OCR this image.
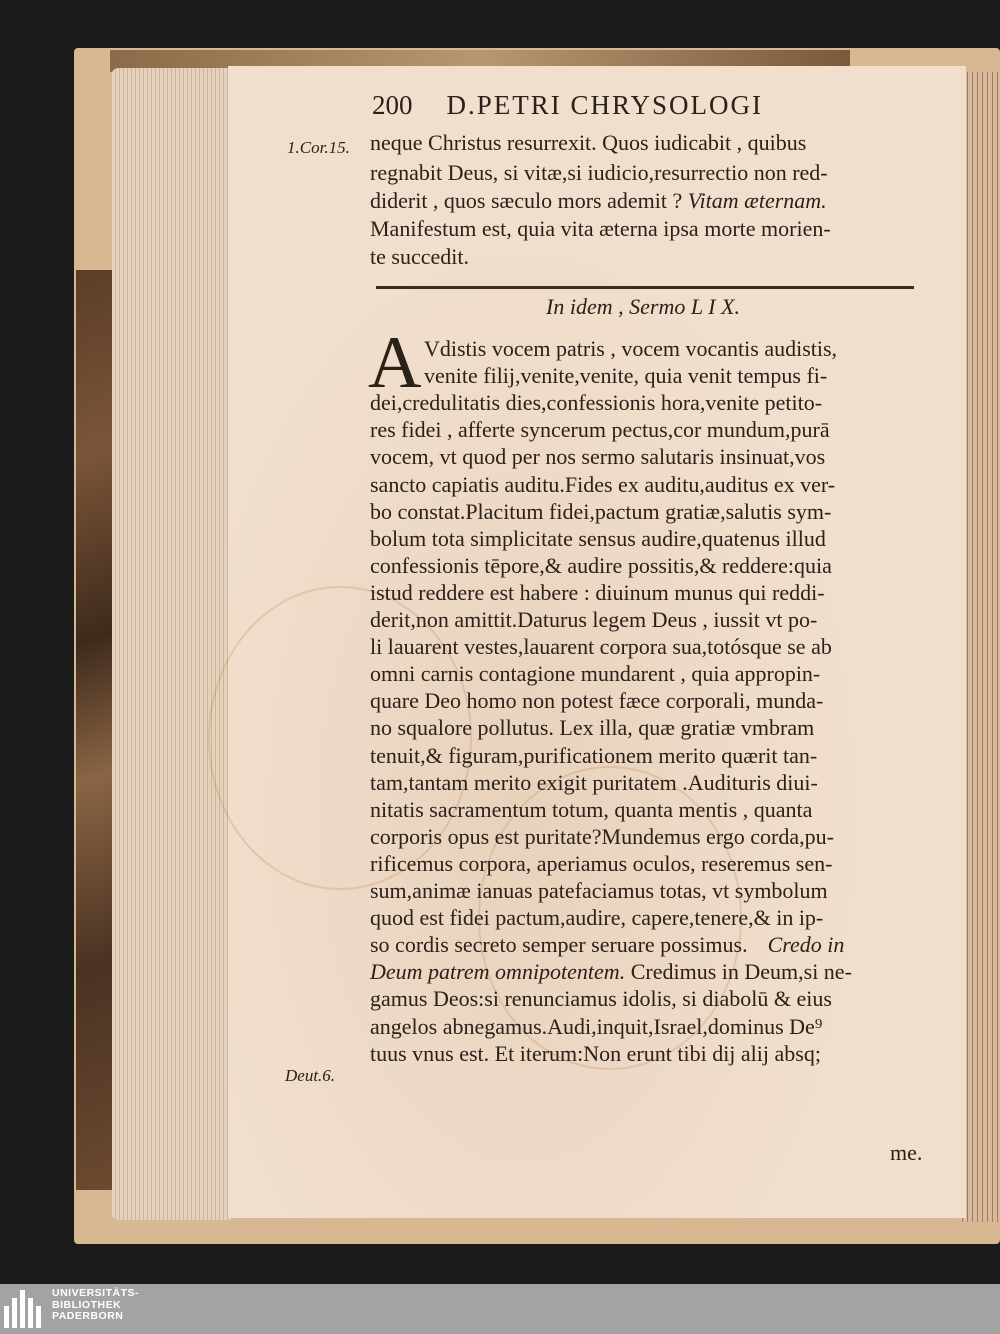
200 D.PETRI CHRYSOLOGI
1.Cor.15. neque Christus resurrexit. Quos iudicabit , quibus
regnabit Deus, si vitæ,si iudicio,resurrectio non red-
diderit , quos sæculo mors ademit ? Vitam æternam.
Manifestum est, quia vita æterna ipsa morte morien-
te succedit.
In idem , Sermo L I X.
A Vdistis vocem patris , vocem vocantis audistis,
venite filij,venite,venite, quia venit tempus fi-
dei,credulitatis dies,confessionis hora,venite petito-
res fidei , afferte syncerum pectus,cor mundum,purā
vocem, vt quod per nos sermo salutaris insinuat,vos
sancto capiatis auditu.Fides ex auditu,auditus ex ver-
bo constat.Placitum fidei,pactum gratiæ,salutis sym-
bolum tota simplicitate sensus audire,quatenus illud
confessionis tēpore,& audire possitis,& reddere:quia
istud reddere est habere : diuinum munus qui reddi-
derit,non amittit.Daturus legem Deus , iussit vt po-
li lauarent vestes,lauarent corpora sua,totósque se ab
omni carnis contagione mundarent , quia appropin-
quare Deo homo non potest fæce corporali, munda-
no squalore pollutus. Lex illa, quæ gratiæ vmbram
tenuit,& figuram,purificationem merito quærit tan-
tam,tantam merito exigit puritatem .Audituris diui-
nitatis sacramentum totum, quanta mentis , quanta
corporis opus est puritate?Mundemus ergo corda,pu-
rificemus corpora, aperiamus oculos, reseremus sen-
sum,animæ ianuas patefaciamus totas, vt symbolum
quod est fidei pactum,audire, capere,tenere,& in ip-
so cordis secreto semper seruare possimus. Credo in
Deum patrem omnipotentem. Credimus in Deum,si ne-
gamus Deos:si renunciamus idolis, si diabolū & eius
angelos abnegamus.Audi,inquit,Israel,dominus De⁹
tuus vnus est. Et iterum:Non erunt tibi dij alij absq;
Deut.6.
me.
UNIVERSITÄTS-
BIBLIOTHEK
PADERBORN
